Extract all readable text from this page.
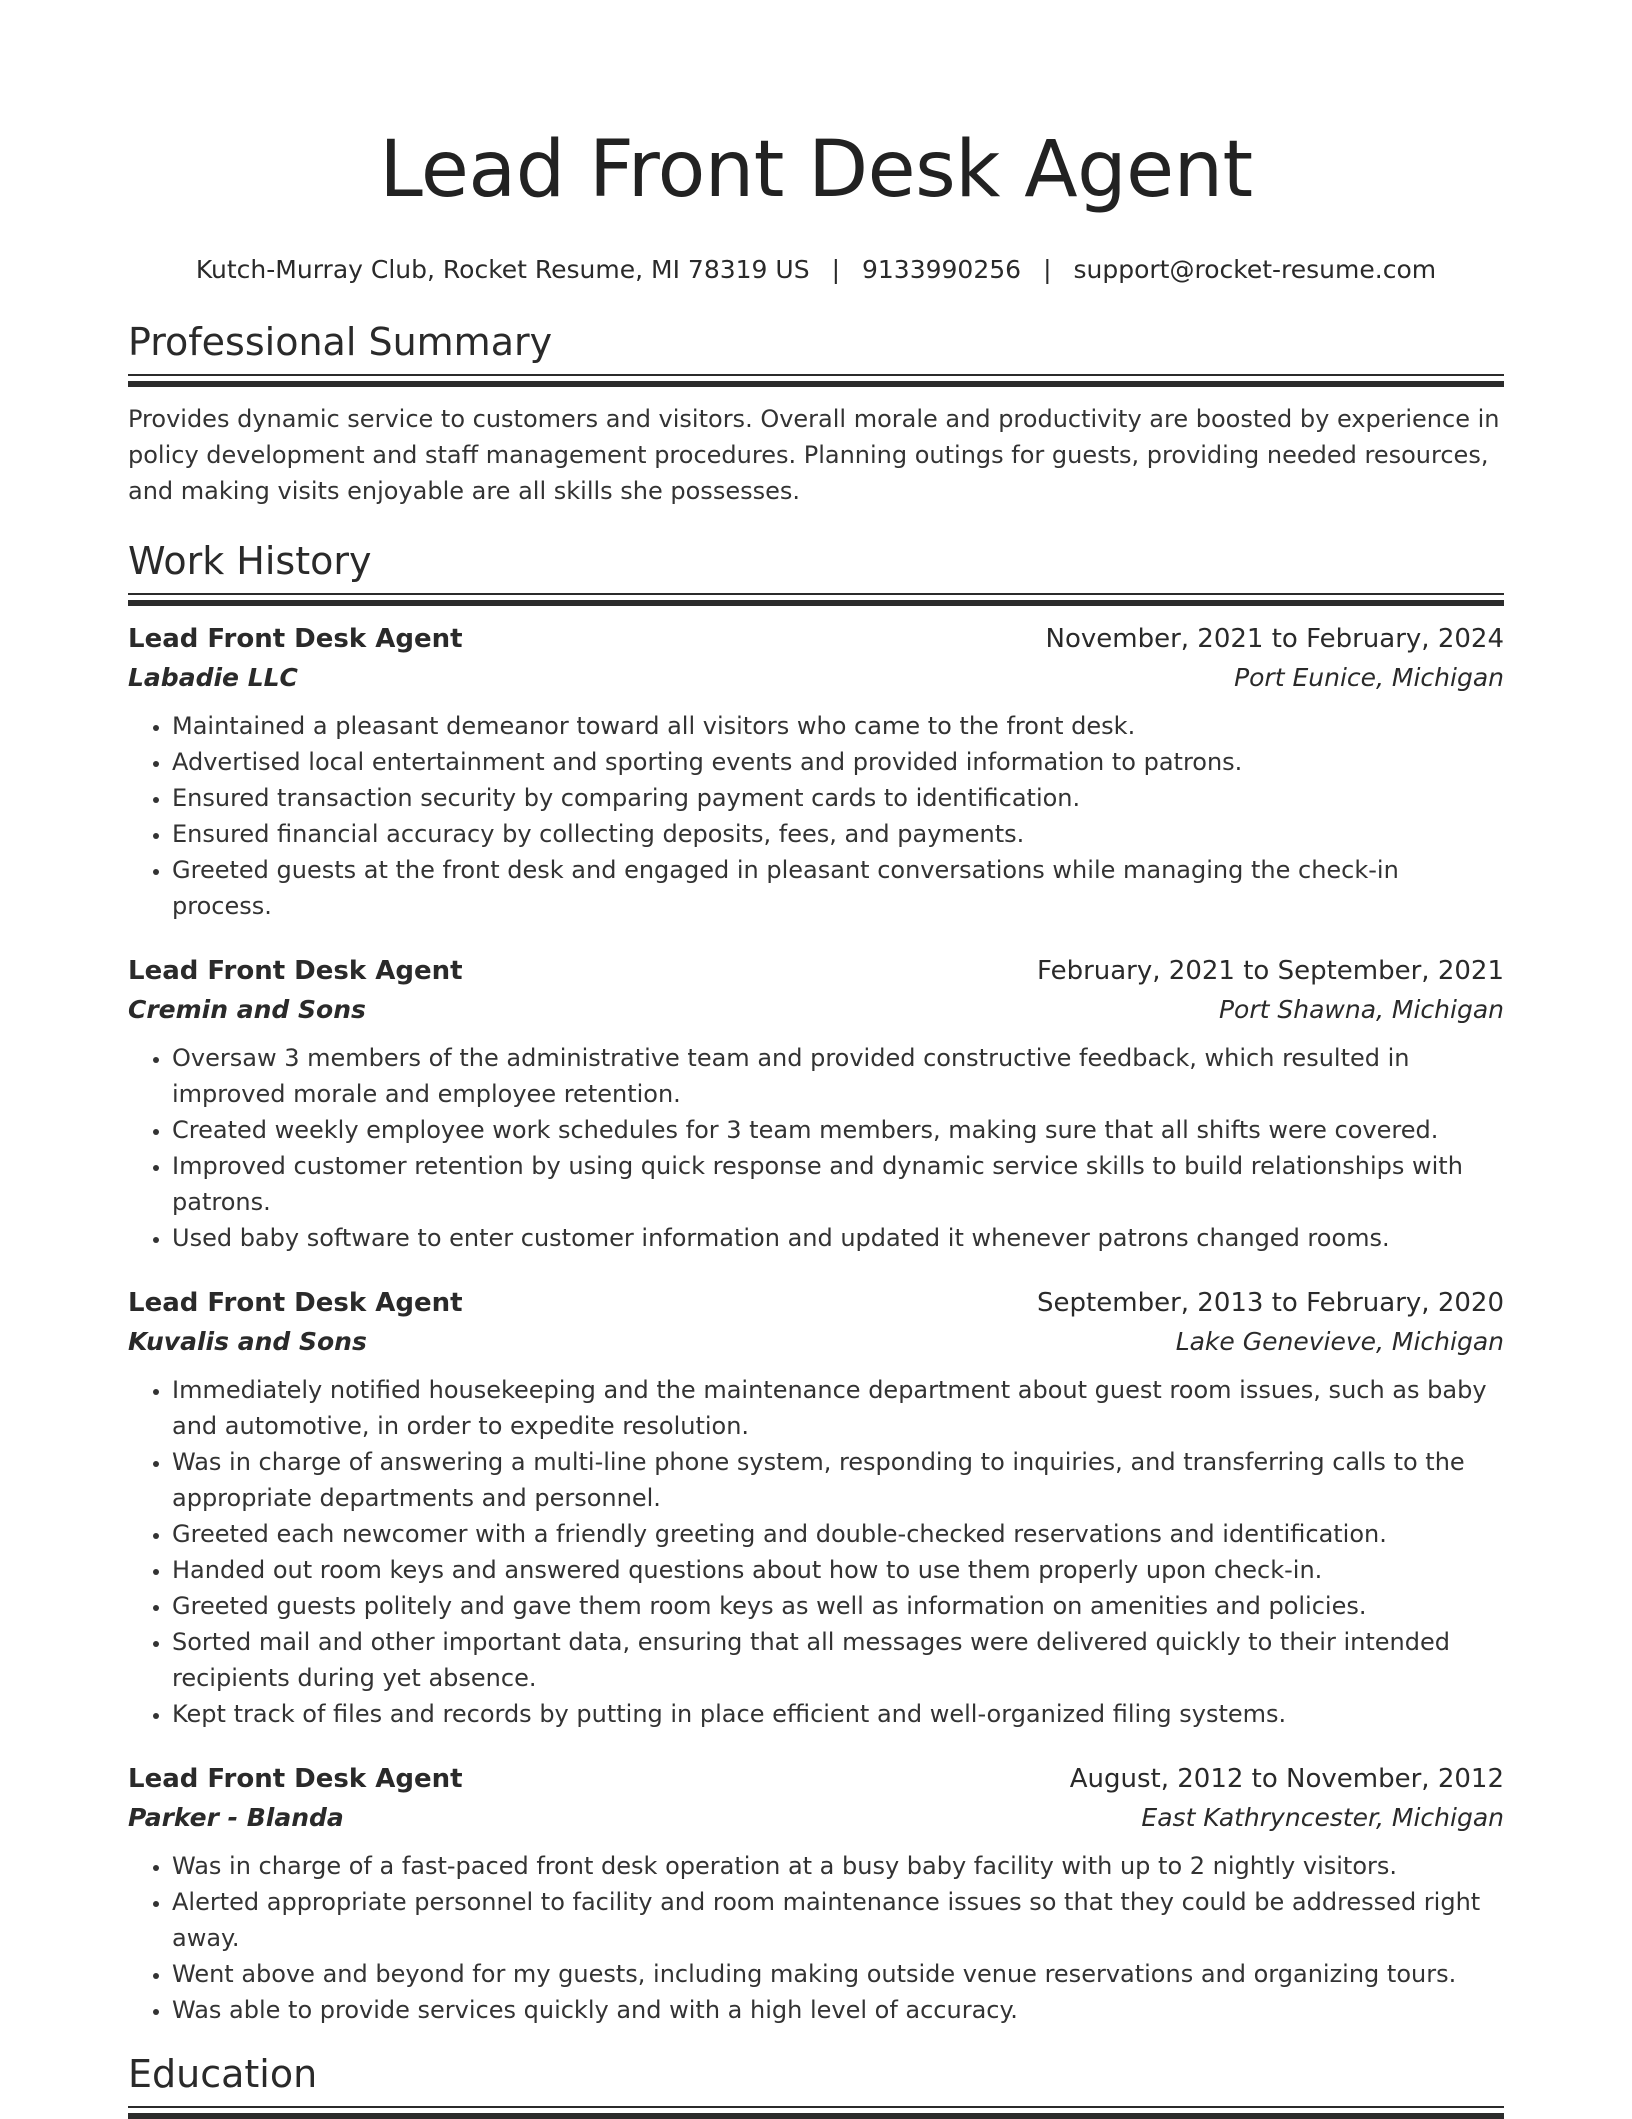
Lead Front Desk Agent
Kutch-Murray Club, Rocket Resume, MI 78319 US | 9133990256 | support@rocket-resume.com
Professional Summary
Provides dynamic service to customers and visitors. Overall morale and productivity are boosted by experience in policy development and staff management procedures. Planning outings for guests, providing needed resources, and making visits enjoyable are all skills she possesses.
Work History
Lead Front Desk Agent	November, 2021 to February, 2024
Labadie LLC	Port Eunice, Michigan
• Maintained a pleasant demeanor toward all visitors who came to the front desk.
• Advertised local entertainment and sporting events and provided information to patrons.
• Ensured transaction security by comparing payment cards to identification.
• Ensured financial accuracy by collecting deposits, fees, and payments.
• Greeted guests at the front desk and engaged in pleasant conversations while managing the check-in process.
Lead Front Desk Agent	February, 2021 to September, 2021
Cremin and Sons	Port Shawna, Michigan
• Oversaw 3 members of the administrative team and provided constructive feedback, which resulted in improved morale and employee retention.
• Created weekly employee work schedules for 3 team members, making sure that all shifts were covered.
• Improved customer retention by using quick response and dynamic service skills to build relationships with patrons.
• Used baby software to enter customer information and updated it whenever patrons changed rooms.
Lead Front Desk Agent	September, 2013 to February, 2020
Kuvalis and Sons	Lake Genevieve, Michigan
• Immediately notified housekeeping and the maintenance department about guest room issues, such as baby and automotive, in order to expedite resolution.
• Was in charge of answering a multi-line phone system, responding to inquiries, and transferring calls to the appropriate departments and personnel.
• Greeted each newcomer with a friendly greeting and double-checked reservations and identification.
• Handed out room keys and answered questions about how to use them properly upon check-in.
• Greeted guests politely and gave them room keys as well as information on amenities and policies.
• Sorted mail and other important data, ensuring that all messages were delivered quickly to their intended recipients during yet absence.
• Kept track of files and records by putting in place efficient and well-organized filing systems.
Lead Front Desk Agent	August, 2012 to November, 2012
Parker - Blanda	East Kathryncester, Michigan
• Was in charge of a fast-paced front desk operation at a busy baby facility with up to 2 nightly visitors.
• Alerted appropriate personnel to facility and room maintenance issues so that they could be addressed right away.
• Went above and beyond for my guests, including making outside venue reservations and organizing tours.
• Was able to provide services quickly and with a high level of accuracy.
Education
